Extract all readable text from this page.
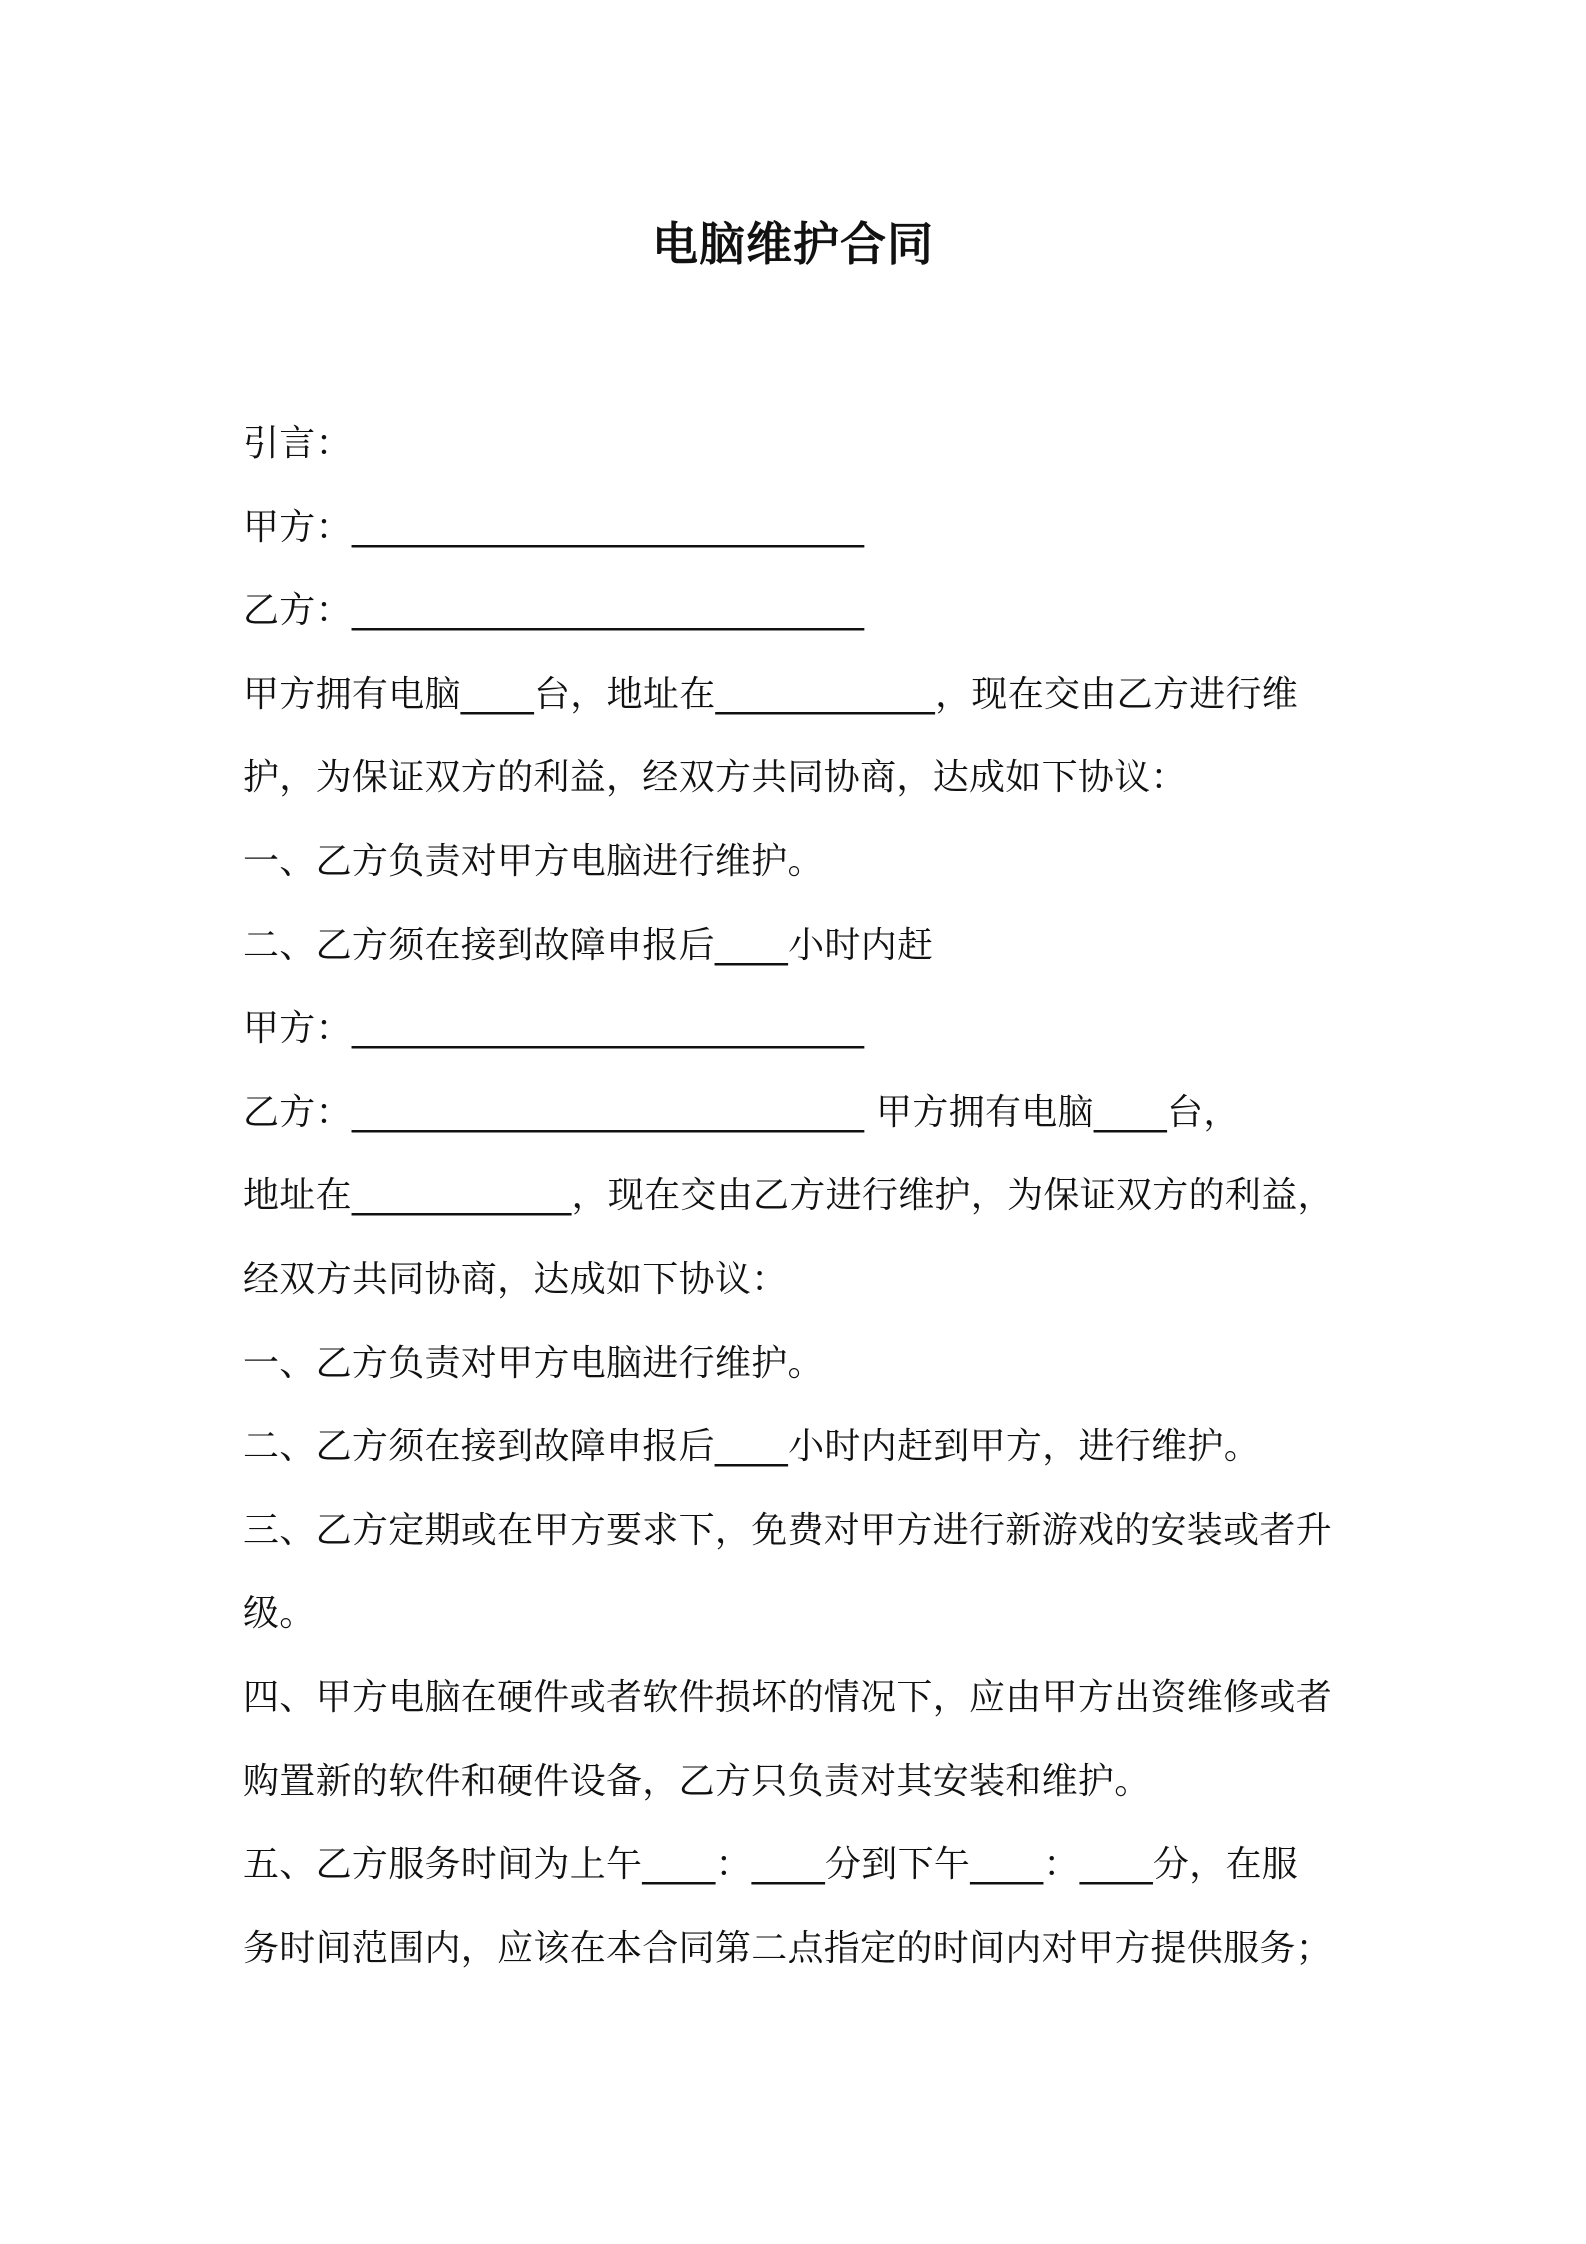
电脑维护合同
引言：
甲方：____________________________
乙方：____________________________
甲方拥有电脑____台，地址在____________，现在交由乙方进行维
护，为保证双方的利益，经双方共同协商，达成如下协议：
一、乙方负责对甲方电脑进行维护。
二、乙方须在接到故障申报后____小时内赶
甲方：____________________________
乙方：____________________________ 甲方拥有电脑____台，
地址在____________，现在交由乙方进行维护，为保证双方的利益，
经双方共同协商，达成如下协议：
一、乙方负责对甲方电脑进行维护。
二、乙方须在接到故障申报后____小时内赶到甲方，进行维护。
三、乙方定期或在甲方要求下，免费对甲方进行新游戏的安装或者升
级。
四、甲方电脑在硬件或者软件损坏的情况下，应由甲方出资维修或者
购置新的软件和硬件设备，乙方只负责对其安装和维护。
五、乙方服务时间为上午____：____分到下午____：____分，在服
务时间范围内，应该在本合同第二点指定的时间内对甲方提供服务；
